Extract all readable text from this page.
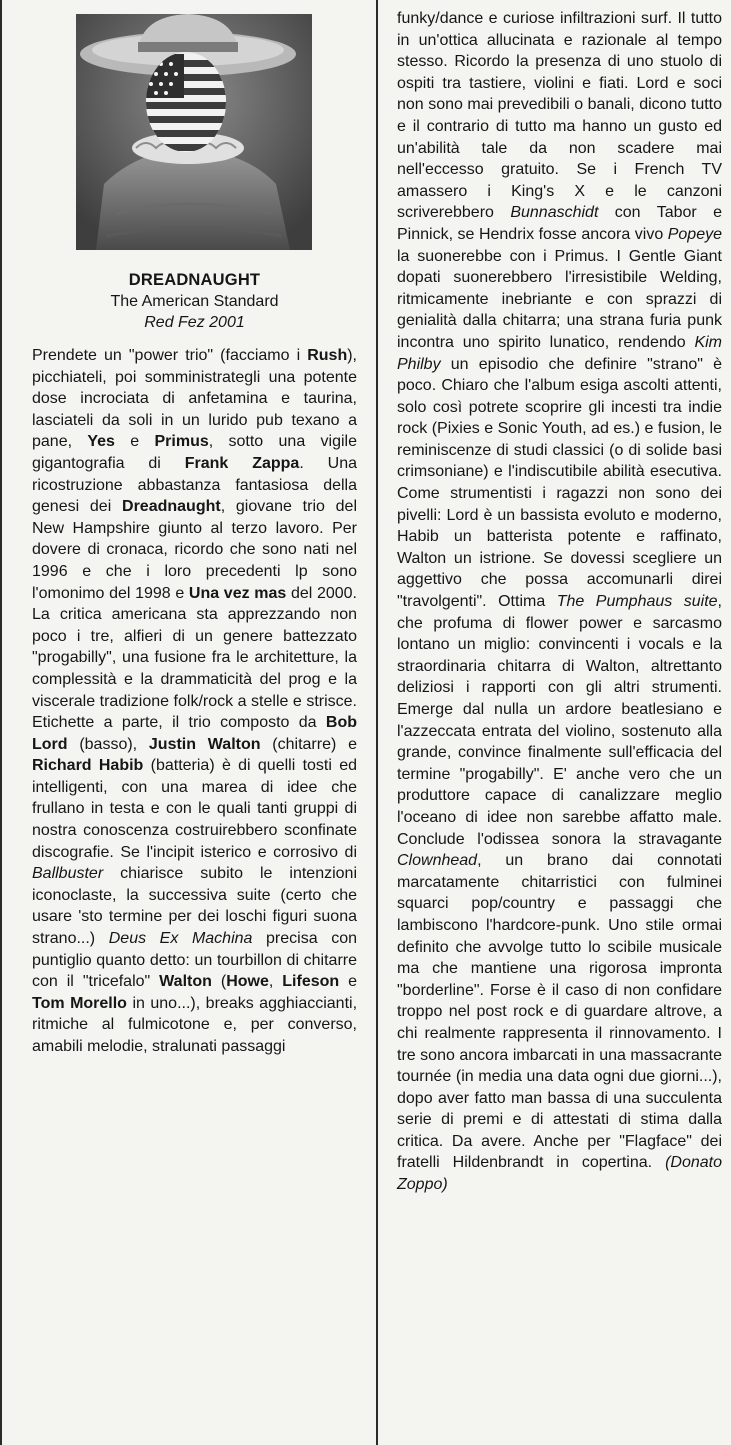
DREADNAUGHT
The American Standard
Red Fez 2001

Prendete un "power trio" (facciamo i Rush), picchiateli, poi somministrategli una potente dose incrociata di anfetamina e taurina, lasciateli da soli in un lurido pub texano a pane, Yes e Primus, sotto una vigile gigantografia di Frank Zappa. Una ricostruzione abbastanza fantasiosa della genesi dei Dreadnaught, giovane trio del New Hampshire giunto al terzo lavoro. Per dovere di cronaca, ricordo che sono nati nel 1996 e che i loro precedenti lp sono l'omonimo del 1998 e Una vez mas del 2000. La critica americana sta apprezzando non poco i tre, alfieri di un genere battezzato "progabilly", una fusione fra le architetture, la complessità e la drammaticità del prog e la viscerale tradizione folk/rock a stelle e strisce. Etichette a parte, il trio composto da Bob Lord (basso), Justin Walton (chitarre) e Richard Habib (batteria) è di quelli tosti ed intelligenti, con una marea di idee che frullano in testa e con le quali tanti gruppi di nostra conoscenza costruirebbero sconfinate discografie. Se l'incipit isterico e corrosivo di Ballbuster chiarisce subito le intenzioni iconoclaste, la successiva suite (certo che usare 'sto termine per dei loschi figuri suona strano...) Deus Ex Machina precisa con puntiglio quanto detto: un tourbillon di chitarre con il "tricefalo" Walton (Howe, Lifeson e Tom Morello in uno...), breaks agghiaccianti, ritmiche al fulmicotone e, per converso, amabili melodie, stralunati passaggi

funky/dance e curiose infiltrazioni surf. Il tutto in un'ottica allucinata e razionale al tempo stesso. Ricordo la presenza di uno stuolo di ospiti tra tastiere, violini e fiati. Lord e soci non sono mai prevedibili o banali, dicono tutto e il contrario di tutto ma hanno un gusto ed un'abilità tale da non scadere mai nell'eccesso gratuito. Se i French TV amassero i King's X e le canzoni scriverebbero Bunnaschidt con Tabor e Pinnick, se Hendrix fosse ancora vivo Popeye la suonerebbe con i Primus. I Gentle Giant dopati suonerebbero l'irresistibile Welding, ritmicamente inebriante e con sprazzi di genialità dalla chitarra; una strana furia punk incontra uno spirito lunatico, rendendo Kim Philby un episodio che definire "strano" è poco. Chiaro che l'album esiga ascolti attenti, solo così potrete scoprire gli incesti tra indie rock (Pixies e Sonic Youth, ad es.) e fusion, le reminiscenze di studi classici (o di solide basi crimsoniane) e l'indiscutibile abilità esecutiva. Come strumentisti i ragazzi non sono dei pivelli: Lord è un bassista evoluto e moderno, Habib un batterista potente e raffinato, Walton un istrione. Se dovessi scegliere un aggettivo che possa accomunarli direi "travolgenti". Ottima The Pumphaus suite, che profuma di flower power e sarcasmo lontano un miglio: convincenti i vocals e la straordinaria chitarra di Walton, altrettanto deliziosi i rapporti con gli altri strumenti. Emerge dal nulla un ardore beatlesiano e l'azzeccata entrata del violino, sostenuto alla grande, convince finalmente sull'efficacia del termine "progabilly". E' anche vero che un produttore capace di canalizzare meglio l'oceano di idee non sarebbe affatto male. Conclude l'odissea sonora la stravagante Clownhead, un brano dai connotati marcatamente chitarristici con fulminei squarci pop/country e passaggi che lambiscono l'hardcore-punk. Uno stile ormai definito che avvolge tutto lo scibile musicale ma che mantiene una rigorosa impronta "borderline". Forse è il caso di non confidare troppo nel post rock e di guardare altrove, a chi realmente rappresenta il rinnovamento. I tre sono ancora imbarcati in una massacrante tournée (in media una data ogni due giorni...), dopo aver fatto man bassa di una succulenta serie di premi e di attestati di stima dalla critica. Da avere. Anche per "Flagface" dei fratelli Hildenbrandt in copertina. (Donato Zoppo)
